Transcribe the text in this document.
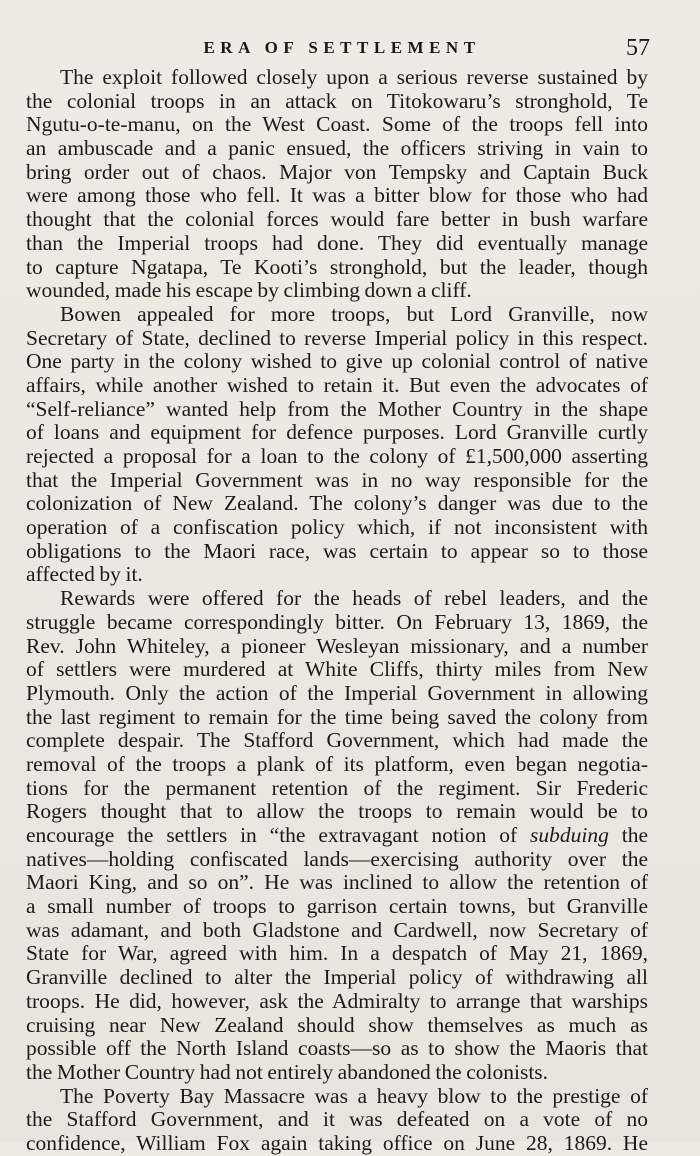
ERA OF SETTLEMENT	57
The exploit followed closely upon a serious reverse sustained by
the colonial troops in an attack on Titokowaru’s stronghold, Te
Ngutu-o-te-manu, on the West Coast. Some of the troops fell into
an ambuscade and a panic ensued, the officers striving in vain to
bring order out of chaos. Major von Tempsky and Captain Buck
were among those who fell. It was a bitter blow for those who had
thought that the colonial forces would fare better in bush warfare
than the Imperial troops had done. They did eventually manage
to capture Ngatapa, Te Kooti’s stronghold, but the leader, though
wounded, made his escape by climbing down a cliff.
Bowen appealed for more troops, but Lord Granville, now
Secretary of State, declined to reverse Imperial policy in this respect.
One party in the colony wished to give up colonial control of native
affairs, while another wished to retain it. But even the advocates of
“Self-reliance” wanted help from the Mother Country in the shape
of loans and equipment for defence purposes. Lord Granville curtly
rejected a proposal for a loan to the colony of £1,500,000 asserting
that the Imperial Government was in no way responsible for the
colonization of New Zealand. The colony’s danger was due to the
operation of a confiscation policy which, if not inconsistent with
obligations to the Maori race, was certain to appear so to those
affected by it.
Rewards were offered for the heads of rebel leaders, and the
struggle became correspondingly bitter. On February 13, 1869, the
Rev. John Whiteley, a pioneer Wesleyan missionary, and a number
of settlers were murdered at White Cliffs, thirty miles from New
Plymouth. Only the action of the Imperial Government in allowing
the last regiment to remain for the time being saved the colony from
complete despair. The Stafford Government, which had made the
removal of the troops a plank of its platform, even began negotia-
tions for the permanent retention of the regiment. Sir Frederic
Rogers thought that to allow the troops to remain would be to
encourage the settlers in “the extravagant notion of subduing the
natives—holding confiscated lands—exercising authority over the
Maori King, and so on”. He was inclined to allow the retention of
a small number of troops to garrison certain towns, but Granville
was adamant, and both Gladstone and Cardwell, now Secretary of
State for War, agreed with him. In a despatch of May 21, 1869,
Granville declined to alter the Imperial policy of withdrawing all
troops. He did, however, ask the Admiralty to arrange that warships
cruising near New Zealand should show themselves as much as
possible off the North Island coasts—so as to show the Maoris that
the Mother Country had not entirely abandoned the colonists.
The Poverty Bay Massacre was a heavy blow to the prestige of
the Stafford Government, and it was defeated on a vote of no
confidence, William Fox again taking office on June 28, 1869. He
